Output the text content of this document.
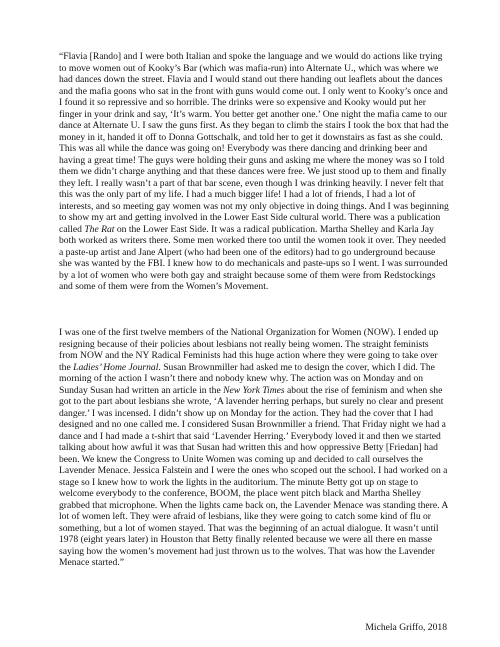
“Flavia [Rando] and I were both Italian and spoke the language and we would do actions like trying to move women out of Kooky’s Bar (which was mafia-run) into Alternate U., which was where we had dances down the street. Flavia and I would stand out there handing out leaflets about the dances and the mafia goons who sat in the front with guns would come out. I only went to Kooky’s once and I found it so repressive and so horrible. The drinks were so expensive and Kooky would put her finger in your drink and say, ‘It’s warm. You better get another one.’ One night the mafia came to our dance at Alternate U. I saw the guns first. As they began to climb the stairs I took the box that had the money in it, handed it off to Donna Gottschalk, and told her to get it downstairs as fast as she could. This was all while the dance was going on! Everybody was there dancing and drinking beer and having a great time! The guys were holding their guns and asking me where the money was so I told them we didn’t charge anything and that these dances were free. We just stood up to them and finally they left. I really wasn’t a part of that bar scene, even though I was drinking heavily. I never felt that this was the only part of my life. I had a much bigger life! I had a lot of friends, I had a lot of interests, and so meeting gay women was not my only objective in doing things. And I was beginning to show my art and getting involved in the Lower East Side cultural world. There was a publication called The Rat on the Lower East Side. It was a radical publication. Martha Shelley and Karla Jay both worked as writers there. Some men worked there too until the women took it over. They needed a paste-up artist and Jane Alpert (who had been one of the editors) had to go underground because she was wanted by the FBI. I knew how to do mechanicals and paste-ups so I went. I was surrounded by a lot of women who were both gay and straight because some of them were from Redstockings and some of them were from the Women’s Movement.

I was one of the first twelve members of the National Organization for Women (NOW). I ended up resigning because of their policies about lesbians not really being women. The straight feminists from NOW and the NY Radical Feminists had this huge action where they were going to take over the Ladies’ Home Journal. Susan Brownmiller had asked me to design the cover, which I did. The morning of the action I wasn’t there and nobody knew why. The action was on Monday and on Sunday Susan had written an article in the New York Times about the rise of feminism and when she got to the part about lesbians she wrote, ‘A lavender herring perhaps, but surely no clear and present danger.’ I was incensed. I didn’t show up on Monday for the action. They had the cover that I had designed and no one called me. I considered Susan Brownmiller a friend. That Friday night we had a dance and I had made a t-shirt that said ‘Lavender Herring.’ Everybody loved it and then we started talking about how awful it was that Susan had written this and how oppressive Betty [Friedan] had been. We knew the Congress to Unite Women was coming up and decided to call ourselves the Lavender Menace. Jessica Falstein and I were the ones who scoped out the school. I had worked on a stage so I knew how to work the lights in the auditorium. The minute Betty got up on stage to welcome everybody to the conference, BOOM, the place went pitch black and Martha Shelley grabbed that microphone. When the lights came back on, the Lavender Menace was standing there. A lot of women left. They were afraid of lesbians, like they were going to catch some kind of flu or something, but a lot of women stayed. That was the beginning of an actual dialogue. It wasn’t until 1978 (eight years later) in Houston that Betty finally relented because we were all there en masse saying how the women’s movement had just thrown us to the wolves. That was how the Lavender Menace started.”

Michela Griffo, 2018
